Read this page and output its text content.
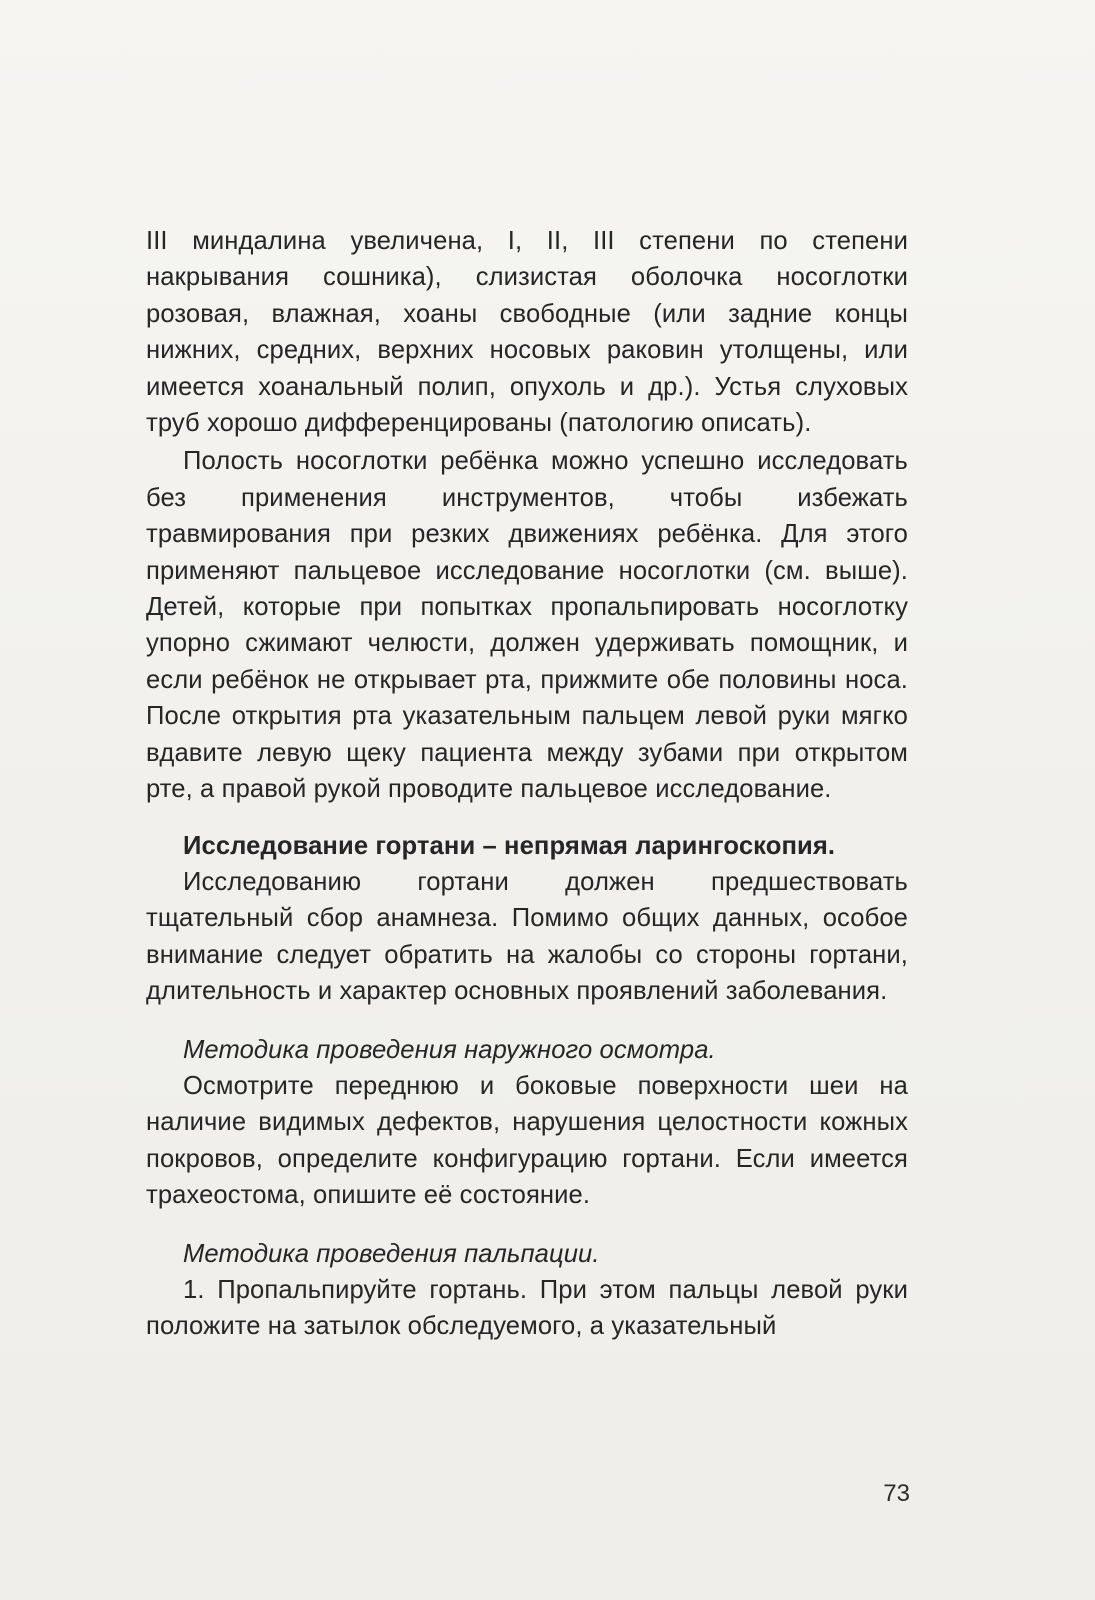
III миндалина увеличена, I, II, III степени по степени накрывания сошника), слизистая оболочка носоглотки розовая, влажная, хоаны свободные (или задние концы нижних, средних, верхних носовых раковин утолщены, или имеется хоанальный полип, опухоль и др.). Устья слуховых труб хорошо дифференцированы (патологию описать).

Полость носоглотки ребёнка можно успешно исследовать без применения инструментов, чтобы избежать травмирования при резких движениях ребёнка. Для этого применяют пальцевое исследование носоглотки (см. выше). Детей, которые при попытках пропальпировать носоглотку упорно сжимают челюсти, должен удерживать помощник, и если ребёнок не открывает рта, прижмите обе половины носа. После открытия рта указательным пальцем левой руки мягко вдавите левую щеку пациента между зубами при открытом рте, а правой рукой проводите пальцевое исследование.

Исследование гортани – непрямая ларингоскопия.

Исследованию гортани должен предшествовать тщательный сбор анамнеза. Помимо общих данных, особое внимание следует обратить на жалобы со стороны гортани, длительность и характер основных проявлений заболевания.

Методика проведения наружного осмотра.

Осмотрите переднюю и боковые поверхности шеи на наличие видимых дефектов, нарушения целостности кожных покровов, определите конфигурацию гортани. Если имеется трахеостома, опишите её состояние.

Методика проведения пальпации.

1. Пропальпируйте гортань. При этом пальцы левой руки положите на затылок обследуемого, а указательный

73
